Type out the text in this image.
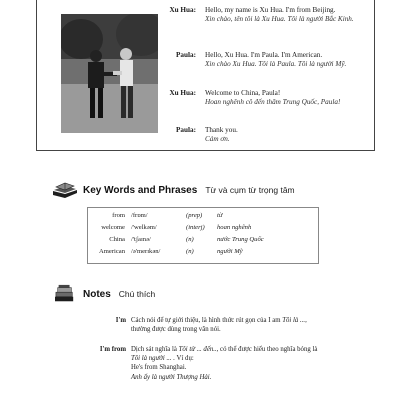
Xu Hua: Hello, my name is Xu Hua. I'm from Beijing.
Xin chào, tên tôi là Xu Hua. Tôi là người Bắc Kinh.
Paula: Hello, Xu Hua. I'm Paula. I'm American.
Xin chào Xu Hua. Tôi là Paula. Tôi là người Mỹ.
Xu Hua: Welcome to China, Paula!
Hoan nghênh cô đến thăm Trung Quốc, Paula!
Paula: Thank you.
Cảm ơn.
Key Words and Phrases Từ và cụm từ trọng tâm
from /frɒm/	(prep) từ
welcome /'welkəm/	(interj) hoan nghênh
China /'tʃaɪnə/	(n)	nước Trung Quốc
American /ə'merɪkən/	(n)	người Mỹ
Notes Chú thích
I'm Cách nói để tự giới thiệu, là hình thức rút gọn của I am Tôi là ...,
thường được dùng trong văn nói.
I'm from Dịch sát nghĩa là Tôi từ ... đến.., có thể được hiểu theo nghĩa bóng là
Tôi là người ... . Ví dụ:
He's from Shanghai.
Anh ấy là người Thượng Hải.
